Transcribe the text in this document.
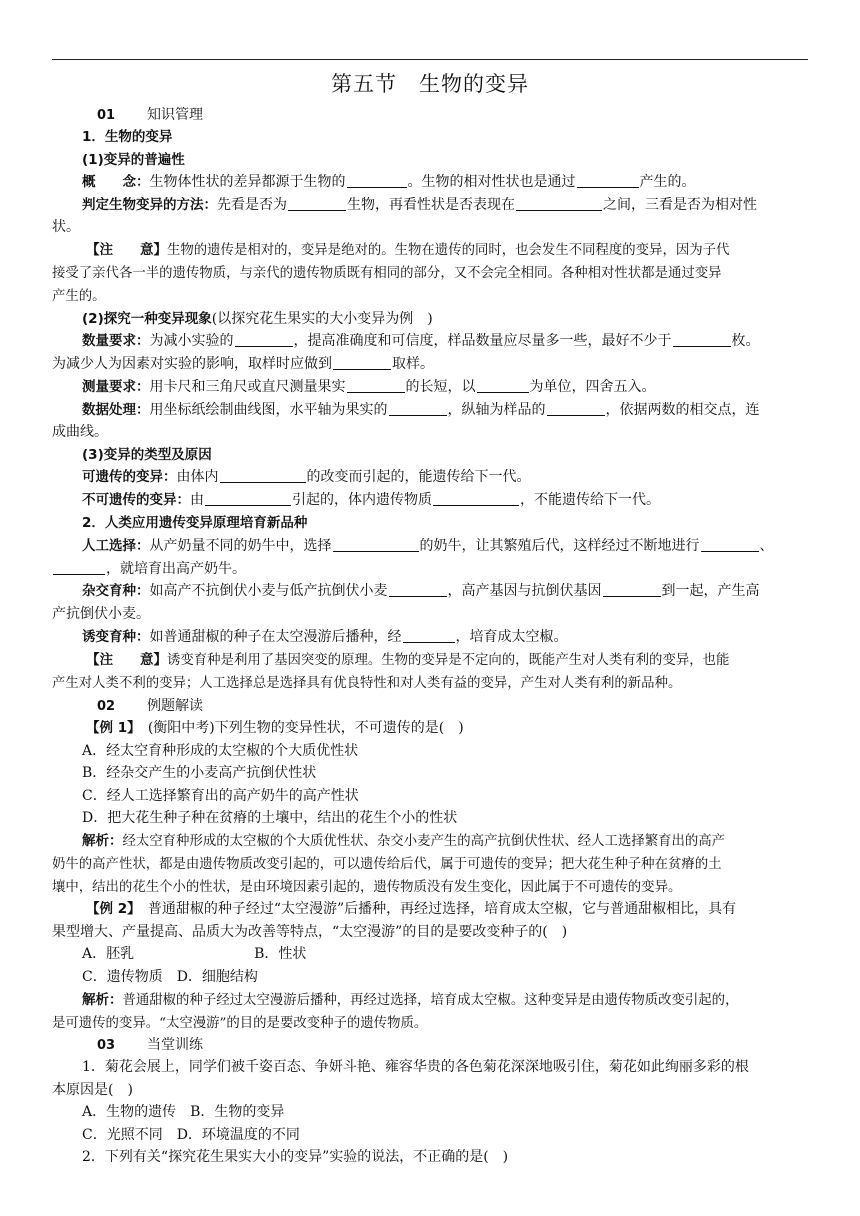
第五节　生物的变异
01 知识管理
1．生物的变异
(1)变异的普遍性
概　　念：生物体性状的差异都源于生物的	。生物的相对性状也是通过	产生的。
判定生物变异的方法：先看是否为	生物，再看性状是否表现在	之间，三看是否为相对性
状。
【注　　意】生物的遗传是相对的，变异是绝对的。生物在遗传的同时，也会发生不同程度的变异，因为子代
接受了亲代各一半的遗传物质，与亲代的遗传物质既有相同的部分，又不会完全相同。各种相对性状都是通过变异
产生的。
(2)探究一种变异现象(以探究花生果实的大小变异为例　)
数量要求：为减小实验的	，提高准确度和可信度，样品数量应尽量多一些，最好不少于	枚。
为减少人为因素对实验的影响，取样时应做到	取样。
测量要求：用卡尺和三角尺或直尺测量果实	的长短，以	为单位，四舍五入。
数据处理：用坐标纸绘制曲线图，水平轴为果实的	，纵轴为样品的	，依据两数的相交点，连
成曲线。
(3)变异的类型及原因
可遗传的变异：由体内	的改变而引起的，能遗传给下一代。
不可遗传的变异：由	引起的，体内遗传物质	，不能遗传给下一代。
2．人类应用遗传变异原理培育新品种
人工选择：从产奶量不同的奶牛中，选择	的奶牛，让其繁殖后代，这样经过不断地进行	、
，就培育出高产奶牛。
杂交育种：如高产不抗倒伏小麦与低产抗倒伏小麦	，高产基因与抗倒伏基因	到一起，产生高
产抗倒伏小麦。
诱变育种：如普通甜椒的种子在太空漫游后播种，经	，培育成太空椒。
【注　　意】诱变育种是利用了基因突变的原理。生物的变异是不定向的，既能产生对人类有利的变异，也能
产生对人类不利的变异；人工选择总是选择具有优良特性和对人类有益的变异，产生对人类有利的新品种。
02 例题解读
【例 1】　 (衡阳中考)下列生物的变异性状，不可遗传的是(　)
A．经太空育种形成的太空椒的个大质优性状
B．经杂交产生的小麦高产抗倒伏性状
C．经人工选择繁育出的高产奶牛的高产性状
D．把大花生种子种在贫瘠的土壤中，结出的花生个小的性状
解析：经太空育种形成的太空椒的个大质优性状、杂交小麦产生的高产抗倒伏性状、经人工选择繁育出的高产
奶牛的高产性状，都是由遗传物质改变引起的，可以遗传给后代，属于可遗传的变异；把大花生种子种在贫瘠的土
壤中，结出的花生个小的性状，是由环境因素引起的，遗传物质没有发生变化，因此属于不可遗传的变异。
【例 2】　 普通甜椒的种子经过“太空漫游”后播种，再经过选择，培育成太空椒，它与普通甜椒相比，具有
果型增大、产量提高、品质大为改善等特点，“太空漫游”的目的是要改变种子的(　)
A．胚乳	B．性状
C．遗传物质　D．细胞结构
解析：普通甜椒的种子经过太空漫游后播种，再经过选择，培育成太空椒。这种变异是由遗传物质改变引起的，
是可遗传的变异。“太空漫游”的目的是要改变种子的遗传物质。
03 当堂训练
1．菊花会展上，同学们被千姿百态、争妍斗艳、雍容华贵的各色菊花深深地吸引住，菊花如此绚丽多彩的根
本原因是(　)
A．生物的遗传　B．生物的变异
C．光照不同　D．环境温度的不同
2．下列有关“探究花生果实大小的变异”实验的说法，不正确的是(　)
